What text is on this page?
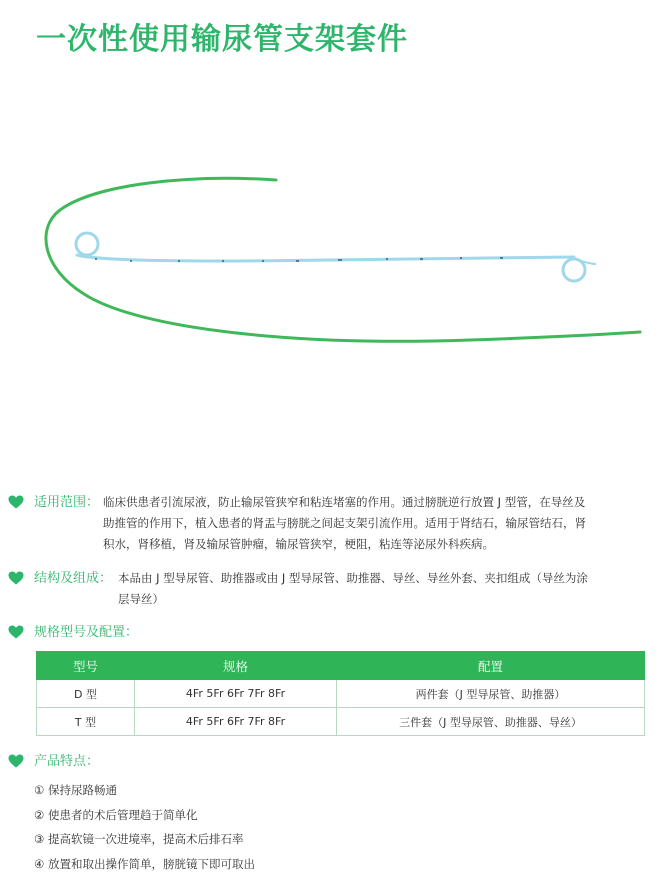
一次性使用输尿管支架套件
适用范围： 临床供患者引流尿液，防止输尿管狭窄和粘连堵塞的作用。通过膀胱逆行放置 J 型管，在导丝及
助推管的作用下，植入患者的肾盂与膀胱之间起支架引流作用。适用于肾结石，输尿管结石，肾
积水，肾移植，肾及输尿管肿瘤，输尿管狭窄，梗阻，粘连等泌尿外科疾病。
结构及组成： 本品由 J 型导尿管、助推器或由 J 型导尿管、助推器、导丝、导丝外套、夹扣组成（导丝为涂
层导丝）
规格型号及配置：
型号	规格	配置
D 型	4Fr 5Fr 6Fr 7Fr 8Fr	两件套（J 型导尿管、助推器）
T 型	4Fr 5Fr 6Fr 7Fr 8Fr	三件套（J 型导尿管、助推器、导丝）
产品特点：
① 保持尿路畅通
② 使患者的术后管理趋于简单化
③ 提高软镜一次进境率，提高术后排石率
④ 放置和取出操作简单，膀胱镜下即可取出
